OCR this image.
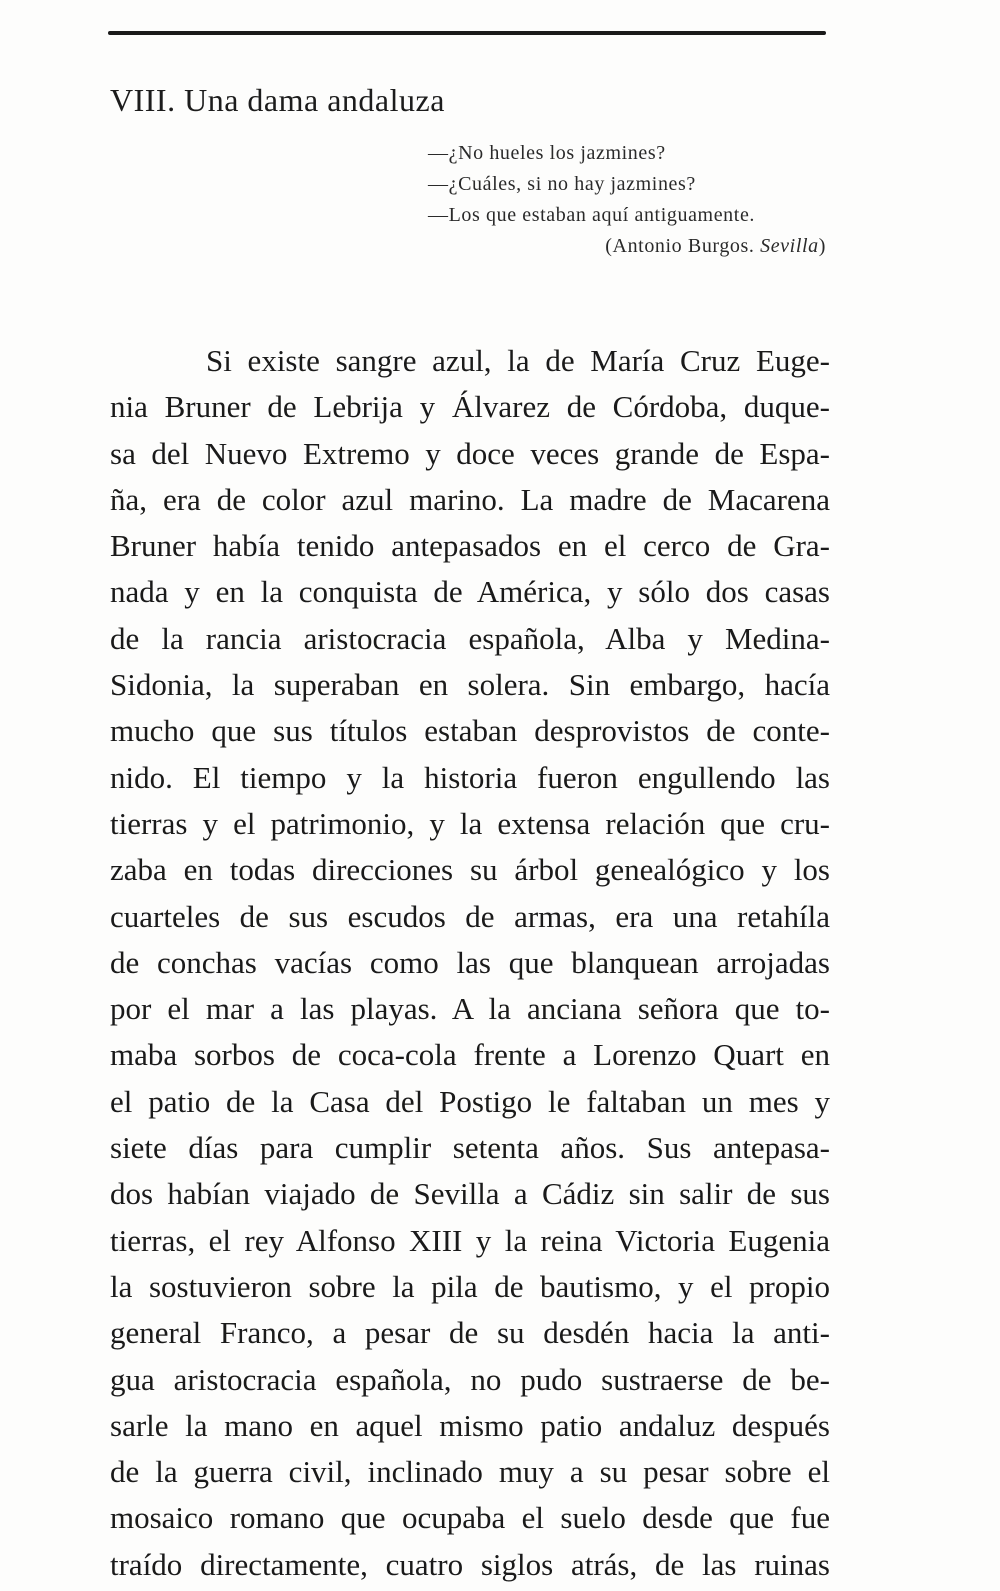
VIII. Una dama andaluza
—¿No hueles los jazmines?
—¿Cuáles, si no hay jazmines?
—Los que estaban aquí antiguamente.
(Antonio Burgos. Sevilla)
Si existe sangre azul, la de María Cruz Euge-
nia Bruner de Lebrija y Álvarez de Córdoba, duque-
sa del Nuevo Extremo y doce veces grande de Espa-
ña, era de color azul marino. La madre de Macarena
Bruner había tenido antepasados en el cerco de Gra-
nada y en la conquista de América, y sólo dos casas
de la rancia aristocracia española, Alba y Medina-
Sidonia, la superaban en solera. Sin embargo, hacía
mucho que sus títulos estaban desprovistos de conte-
nido. El tiempo y la historia fueron engullendo las
tierras y el patrimonio, y la extensa relación que cru-
zaba en todas direcciones su árbol genealógico y los
cuarteles de sus escudos de armas, era una retahíla
de conchas vacías como las que blanquean arrojadas
por el mar a las playas. A la anciana señora que to-
maba sorbos de coca-cola frente a Lorenzo Quart en
el patio de la Casa del Postigo le faltaban un mes y
siete días para cumplir setenta años. Sus antepasa-
dos habían viajado de Sevilla a Cádiz sin salir de sus
tierras, el rey Alfonso XIII y la reina Victoria Eugenia
la sostuvieron sobre la pila de bautismo, y el propio
general Franco, a pesar de su desdén hacia la anti-
gua aristocracia española, no pudo sustraerse de be-
sarle la mano en aquel mismo patio andaluz después
de la guerra civil, inclinado muy a su pesar sobre el
mosaico romano que ocupaba el suelo desde que fue
traído directamente, cuatro siglos atrás, de las ruinas
